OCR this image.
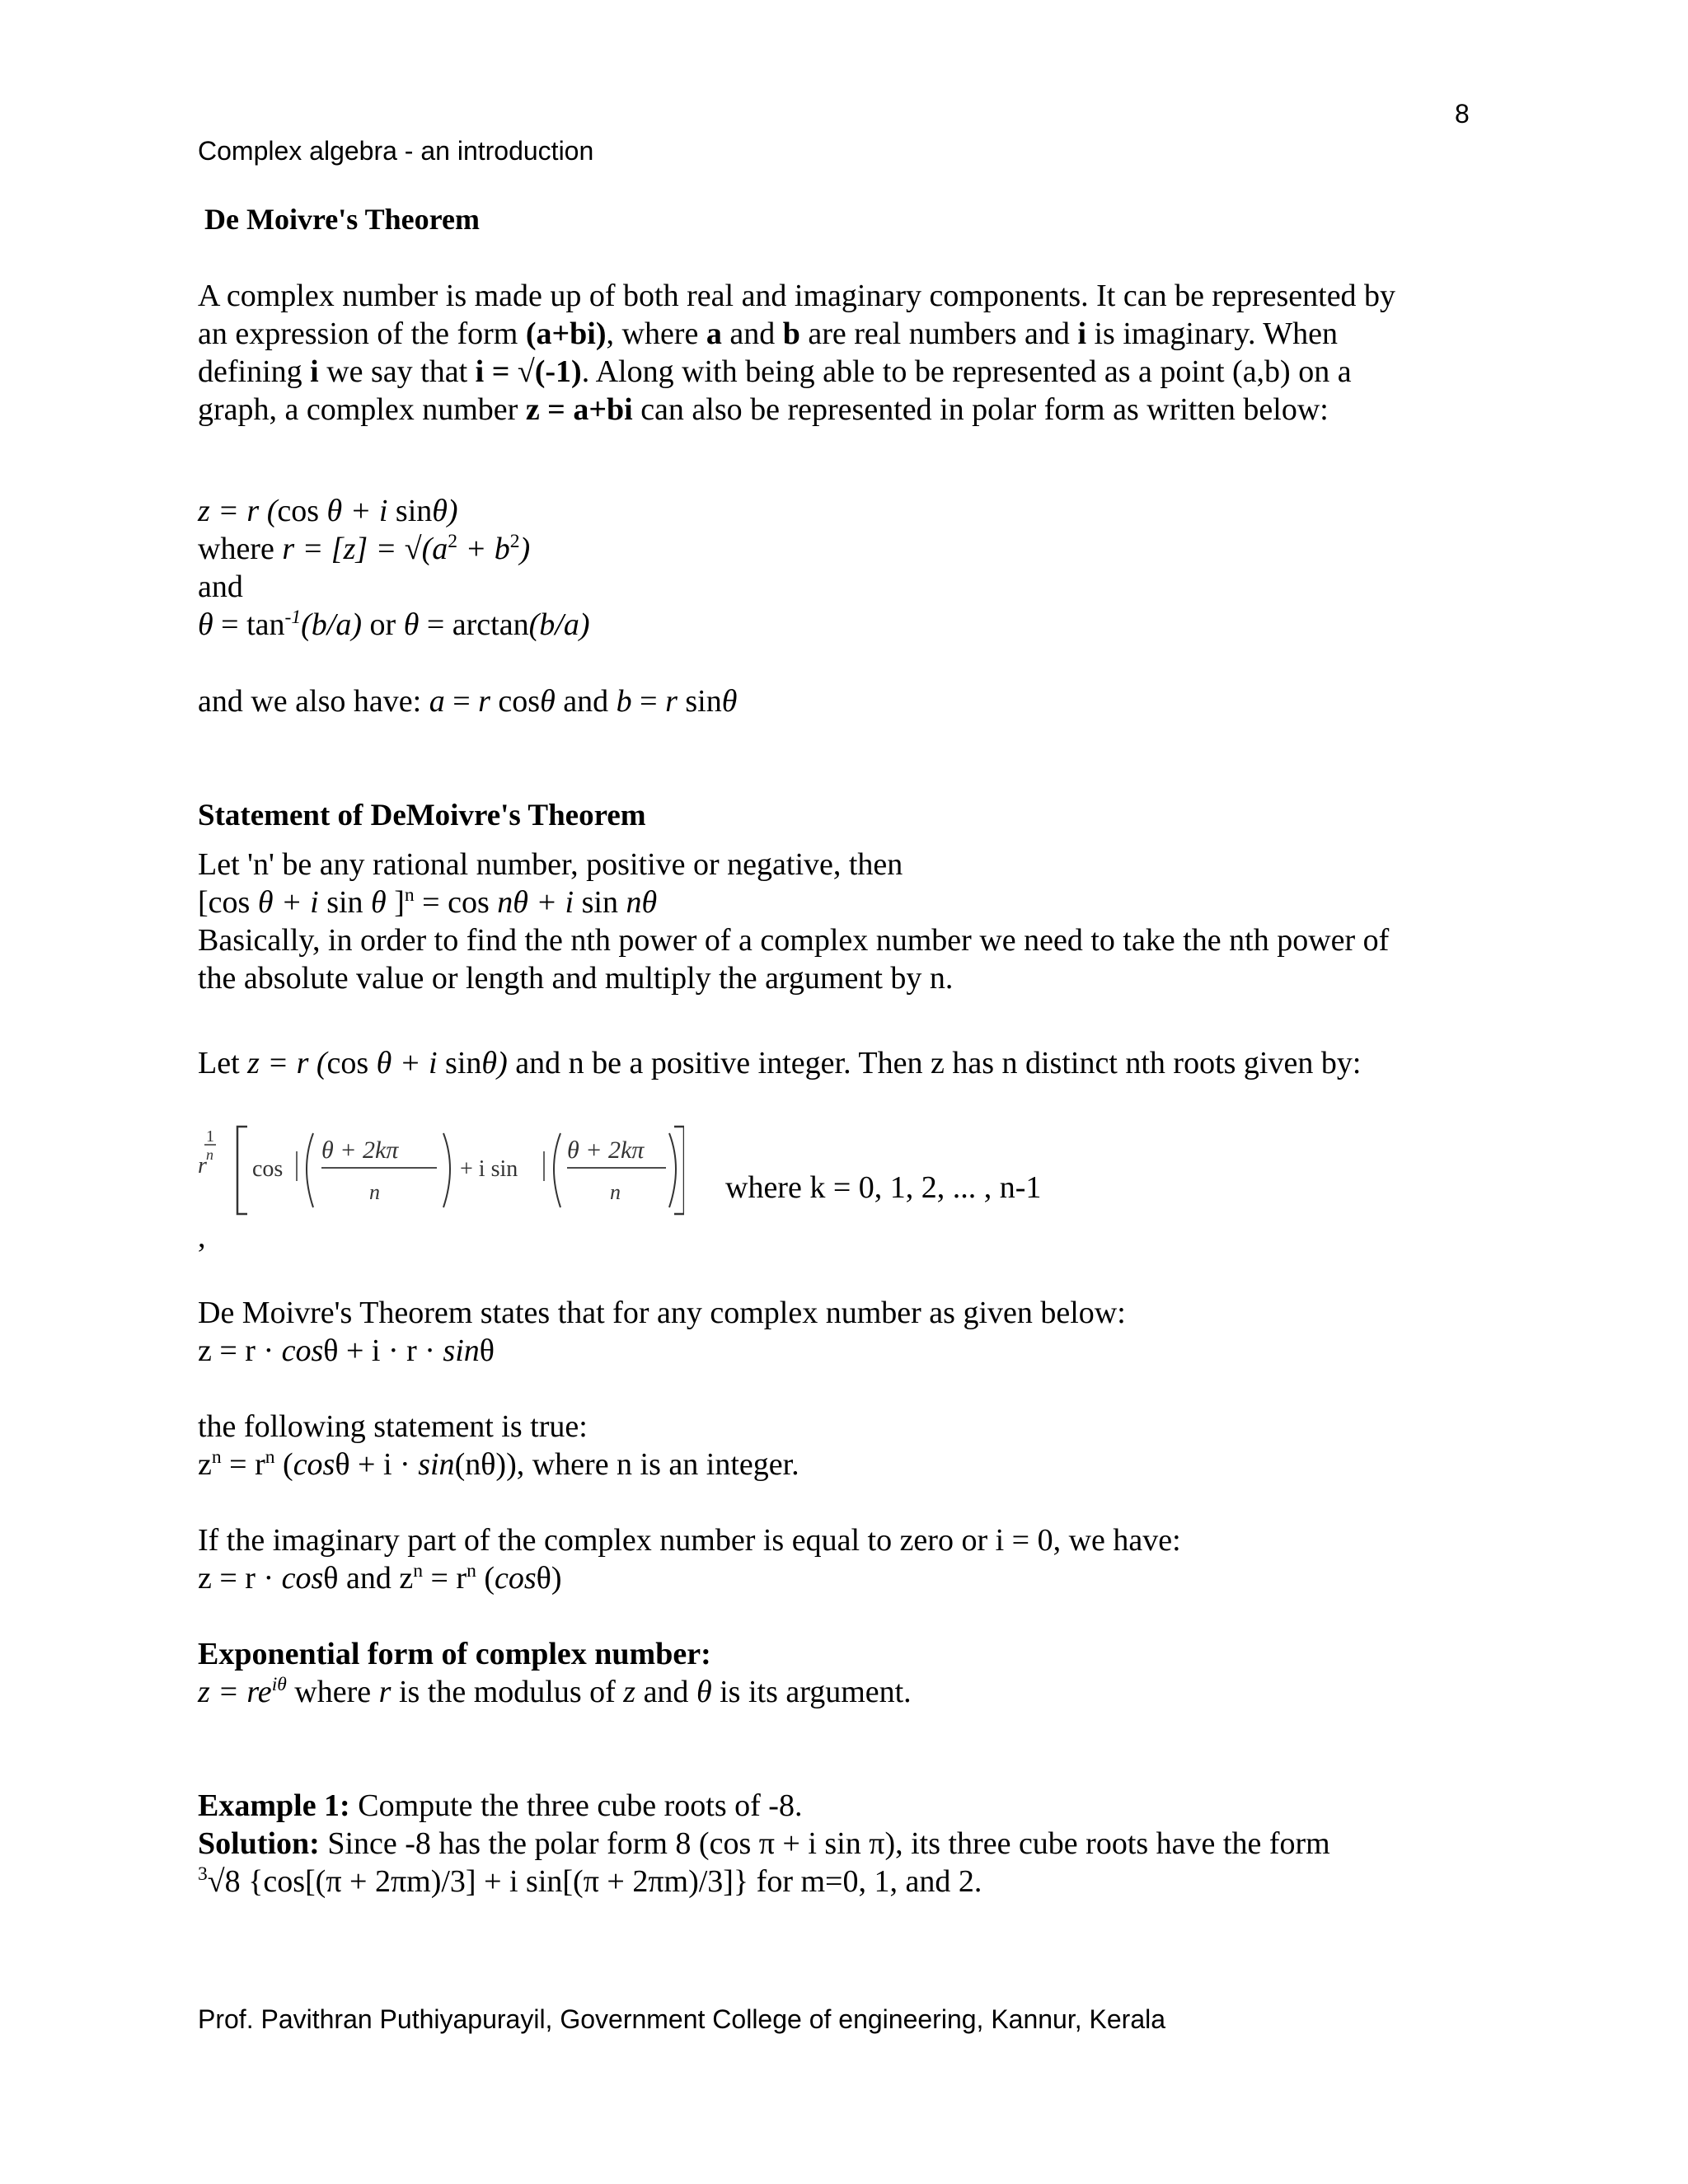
8
Complex algebra - an introduction
De Moivre's Theorem
A complex number is made up of both real and imaginary components. It can be represented by
an expression of the form (a+bi), where a and b are real numbers and i is imaginary. When
defining i we say that i = √(-1). Along with being able to be represented as a point (a,b) on a
graph, a complex number z = a+bi can also be represented in polar form as written below:
z = r (cos θ + i sinθ)
where $r = [z] = √(a^2 + b^2)$
and
$\theta = \tan^{-1}(b/a)$ or θ = arctan(b/a)
and we also have: a = r cosθ and b = r sinθ
Statement of DeMoivre's Theorem
Let 'n' be any rational number, positive or negative, then
[cos θ + i sin θ ]$^n$ = cos nθ + i sin nθ
Basically, in order to find the nth power of a complex number we need to take the nth power of
the absolute value or length and multiply the argument by n.
Let z = r (cos θ + i sinθ) and n be a positive integer. Then z has n distinct nth roots given by:
1
n
r cos
θ + 2kπ
n
+ i sin
θ + 2kπ
n	where k = 0, 1, 2, ... , n-1
,
De Moivre's Theorem states that for any complex number as given below:
z = r · cosθ + i · r · sinθ
the following statement is true:
$z^n = r^n$ (cosθ + i · sin(nθ)), where n is an integer.
If the imaginary part of the complex number is equal to zero or i = 0, we have:
z = r · cosθ and $z^n = r^n$ (cosθ)
Exponential form of complex number:
$z = re^{i\theta}$ where r is the modulus of z and θ is its argument.
Example 1: Compute the three cube roots of -8.
Solution: Since -8 has the polar form 8 (cos π + i sin π), its three cube roots have the form
$^3$√8 {cos[(π + 2πm)/3] + i sin[(π + 2πm)/3]} for m=0, 1, and 2.
Prof. Pavithran Puthiyapurayil, Government College of engineering, Kannur, Kerala
